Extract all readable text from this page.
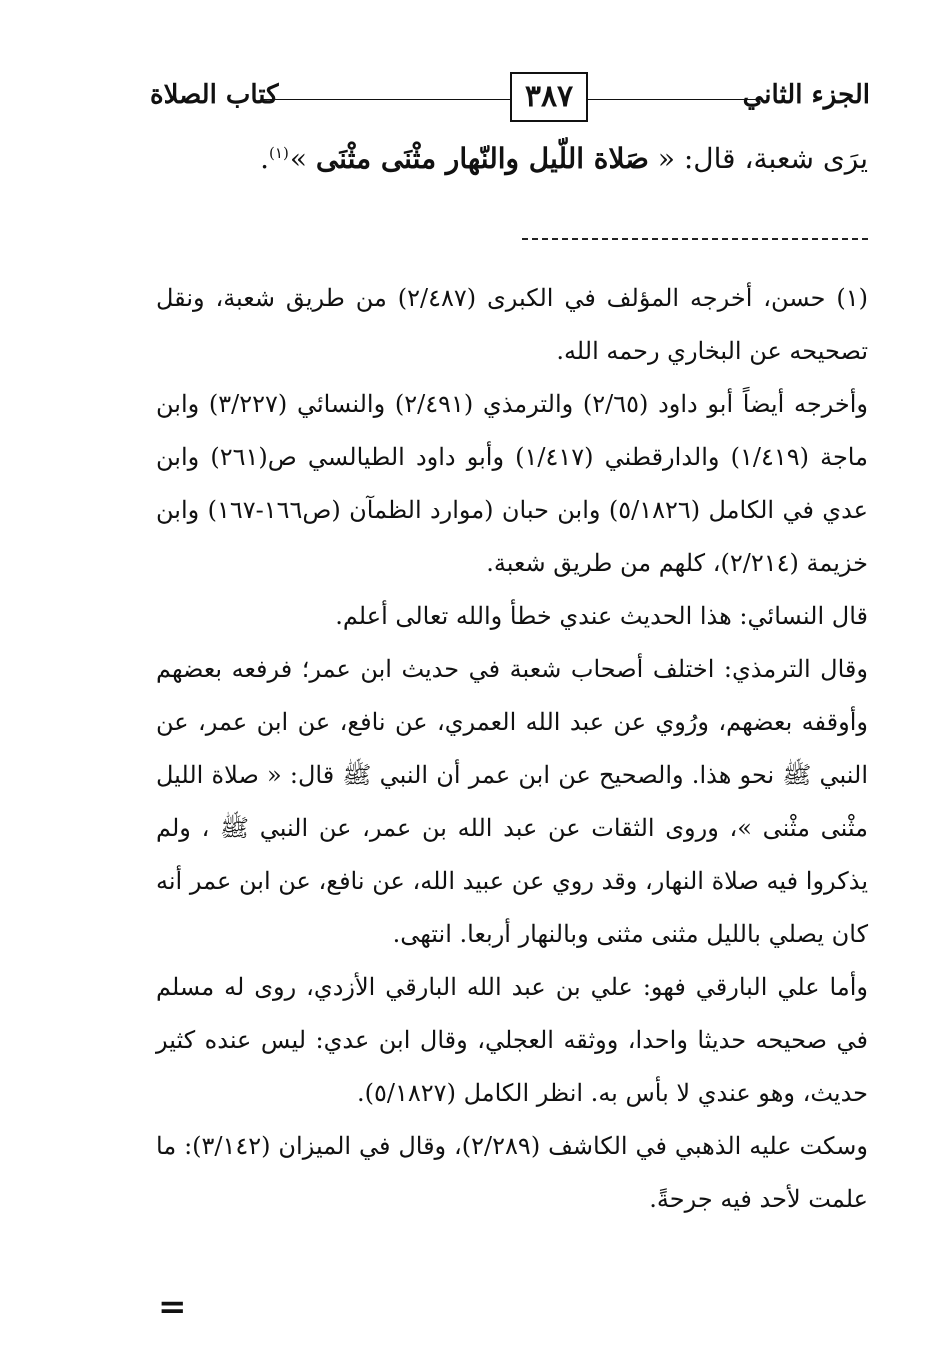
الجزء الثاني
٣٨٧
كتاب الصلاة
يرَى شعبة، قال: « صَلاة اللّيل والنّهار مثْنَى مثْنَى »$^{(١)}$.

(١) حسن، أخرجه المؤلف في الكبرى (٢/٤٨٧) من طريق شعبة، ونقل تصحيحه عن البخاري رحمه الله.

وأخرجه أيضاً أبو داود (٢/٦٥) والترمذي (٢/٤٩١) والنسائي (٣/٢٢٧) وابن ماجة (١/٤١٩) والدارقطني (١/٤١٧) وأبو داود الطيالسي ص(٢٦١) وابن عدي في الكامل (٥/١٨٢٦) وابن حبان (موارد الظمآن (ص١٦٦-١٦٧) وابن خزيمة (٢/٢١٤)، كلهم من طريق شعبة.

قال النسائي: هذا الحديث عندي خطأ والله تعالى أعلم.

وقال الترمذي: اختلف أصحاب شعبة في حديث ابن عمر؛ فرفعه بعضهم وأوقفه بعضهم، ورُوي عن عبد الله العمري، عن نافع، عن ابن عمر، عن النبي ﷺ نحو هذا. والصحيح عن ابن عمر أن النبي ﷺ قال: « صلاة الليل مثْنى مثْنى »، وروى الثقات عن عبد الله بن عمر، عن النبي ﷺ ، ولم يذكروا فيه صلاة النهار، وقد روي عن عبيد الله، عن نافع، عن ابن عمر أنه كان يصلي بالليل مثنى مثنى وبالنهار أربعا. انتهى.

وأما علي البارقي فهو: علي بن عبد الله البارقي الأزدي، روى له مسلم في صحيحه حديثا واحدا، ووثقه العجلي، وقال ابن عدي: ليس عنده كثير حديث، وهو عندي لا بأس به. انظر الكامل (٥/١٨٢٧).

وسكت عليه الذهبي في الكاشف (٢/٢٨٩)، وقال في الميزان (٣/١٤٢): ما علمت لأحد فيه جرحةً.

=
